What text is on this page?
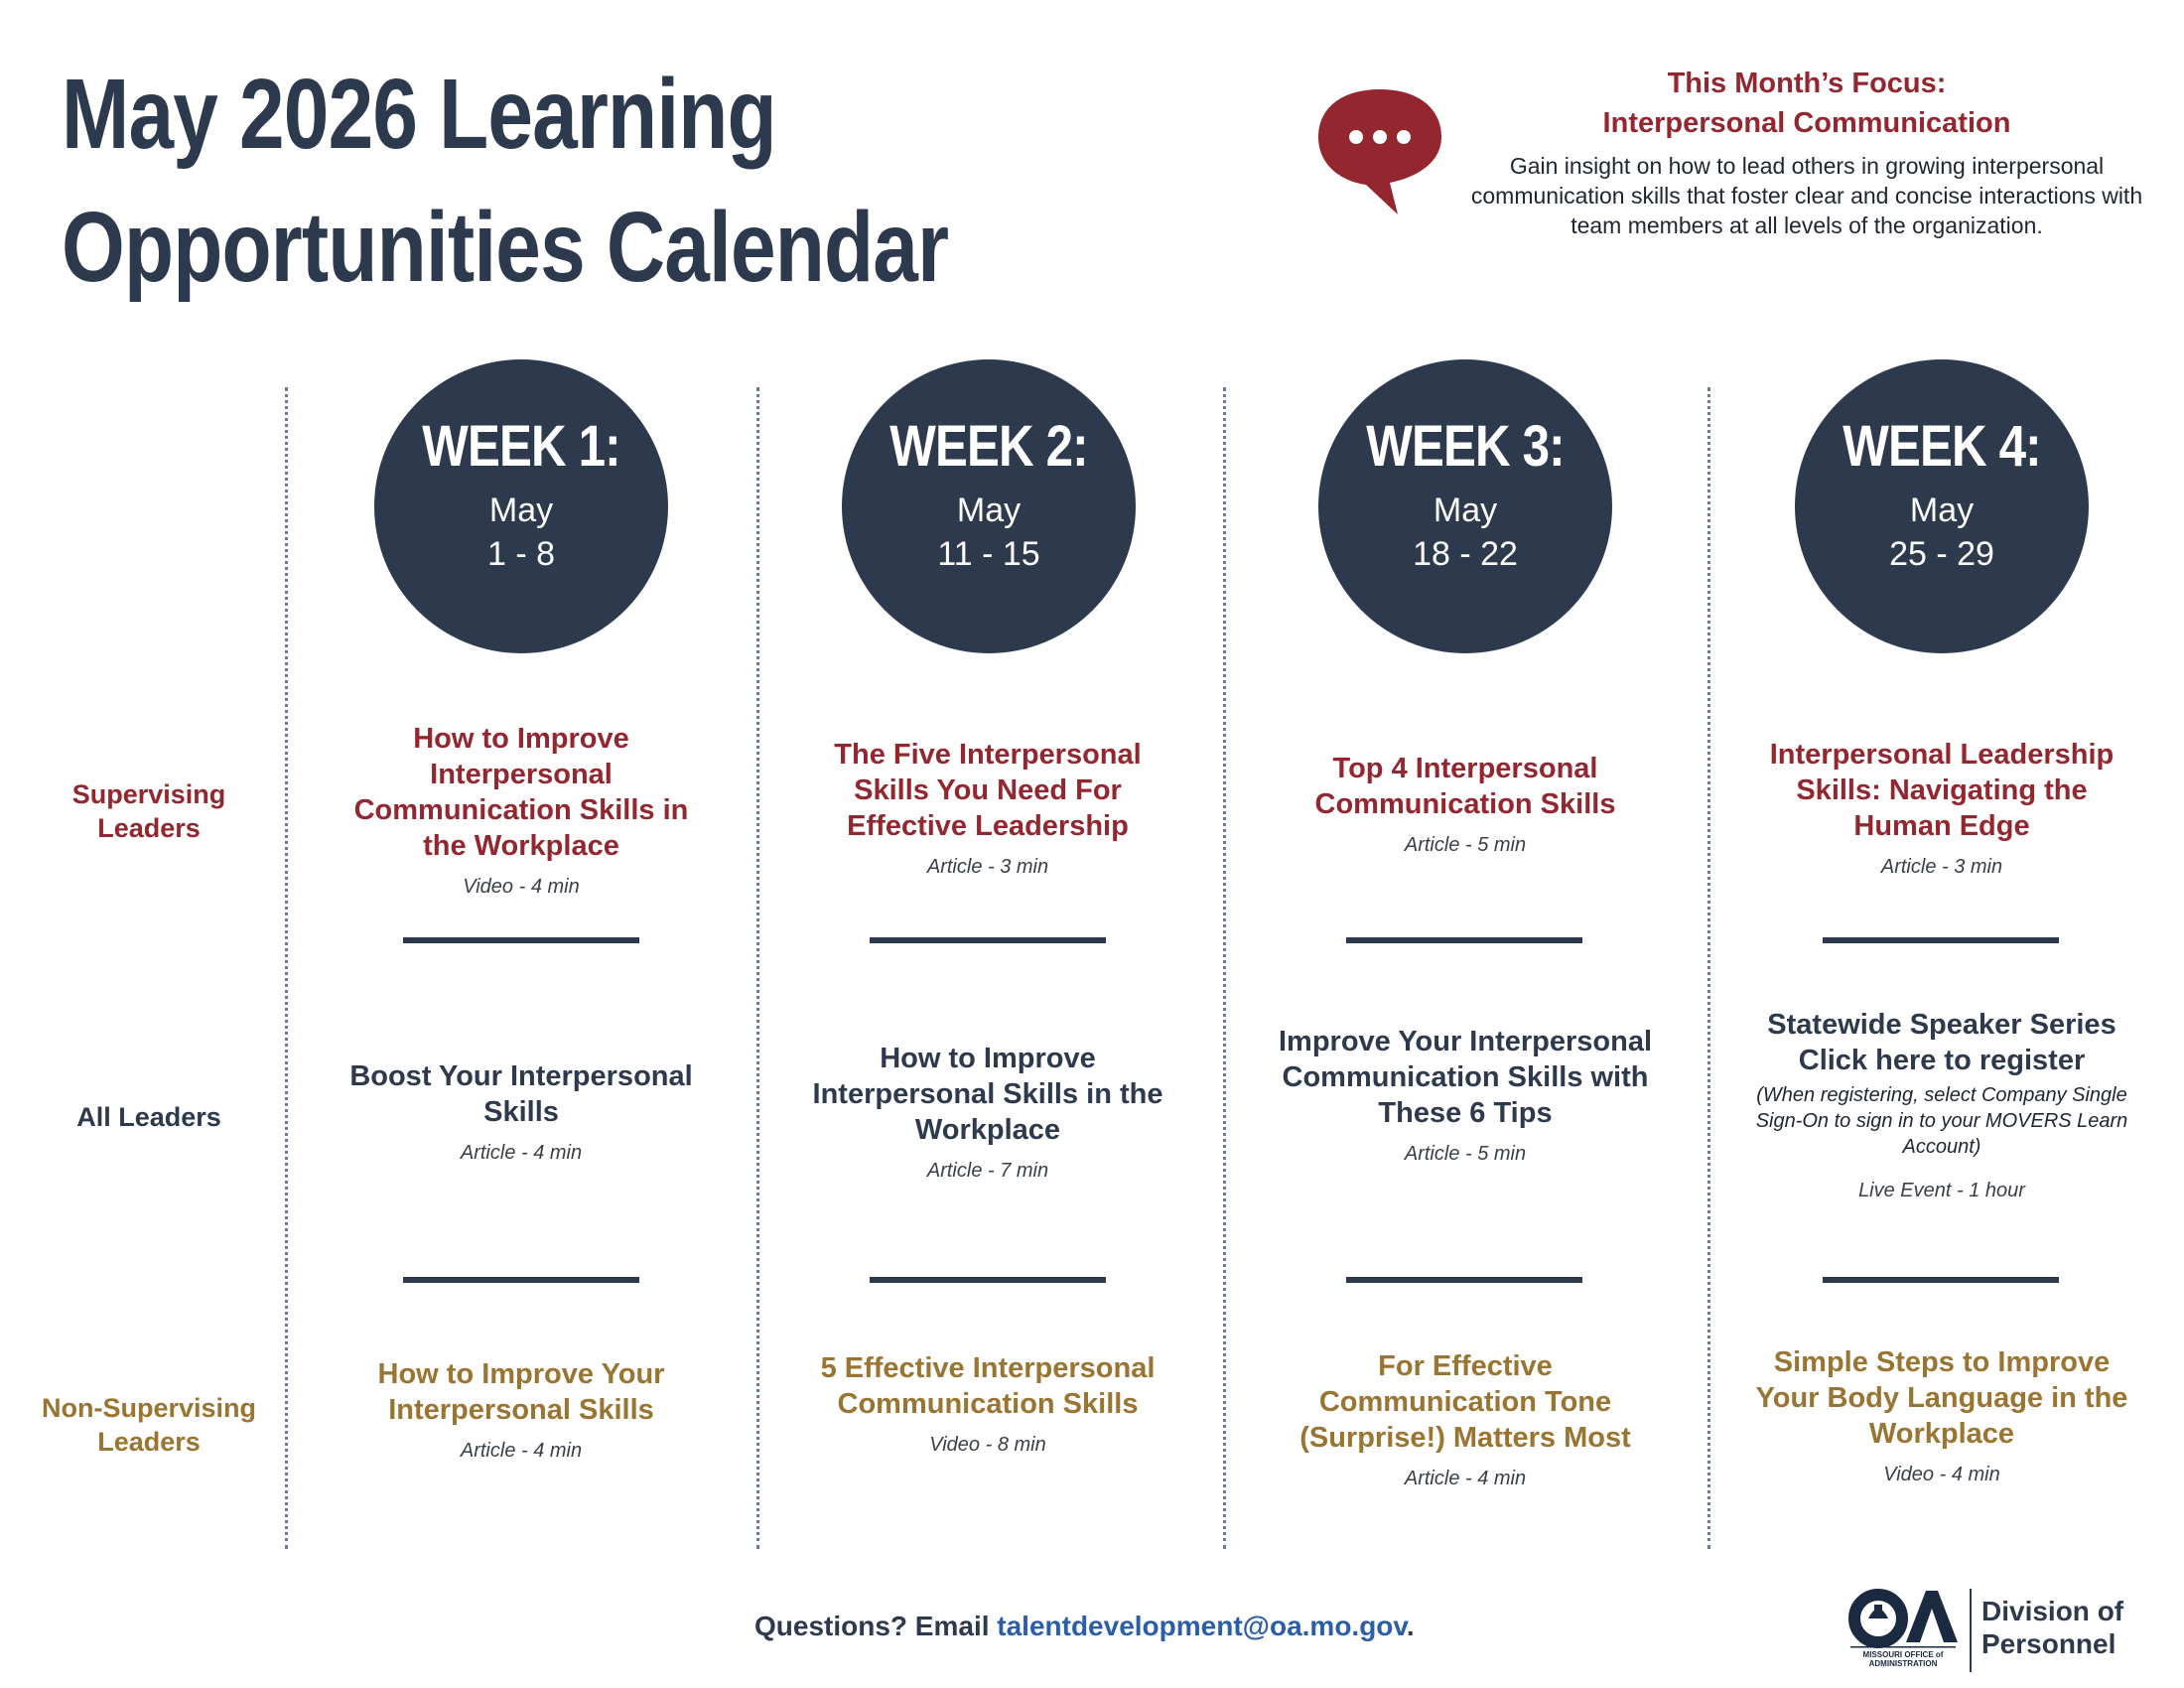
May 2026 Learning
Opportunities Calendar

This Month’s Focus:
Interpersonal Communication

Gain insight on how to lead others in growing interpersonal communication skills that foster clear and concise interactions with team members at all levels of the organization.

Supervising
Leaders
All Leaders
Non-Supervising
Leaders
WEEK 1:
May
1 - 8

How to Improve Interpersonal Communication Skills in the Workplace

Video - 4 min

Boost Your Interpersonal Skills

Article - 4 min

How to Improve Your Interpersonal Skills

Article - 4 min
WEEK 2:
May
11 - 15

The Five Interpersonal Skills You Need For Effective Leadership

Article - 3 min

How to Improve Interpersonal Skills in the Workplace

Article - 7 min

5 Effective Interpersonal Communication Skills

Video - 8 min
WEEK 3:
May
18 - 22

Top 4 Interpersonal Communication Skills

Article - 5 min

Improve Your Interpersonal Communication Skills with These 6 Tips

Article - 5 min

For Effective Communication Tone (Surprise!) Matters Most

Article - 4 min
WEEK 4:
May
25 - 29

Interpersonal Leadership Skills: Navigating the Human Edge

Article - 3 min

Statewide Speaker Series

Click here to register

(When registering, select Company Single Sign-On to sign in to your MOVERS Learn Account)
Live Event - 1 hour

Simple Steps to Improve Your Body Language in the Workplace

Video - 4 min
Questions? Email talentdevelopment@oa.mo.gov.
MISSOURI OFFICE of ADMINISTRATION
Division of
Personnel
